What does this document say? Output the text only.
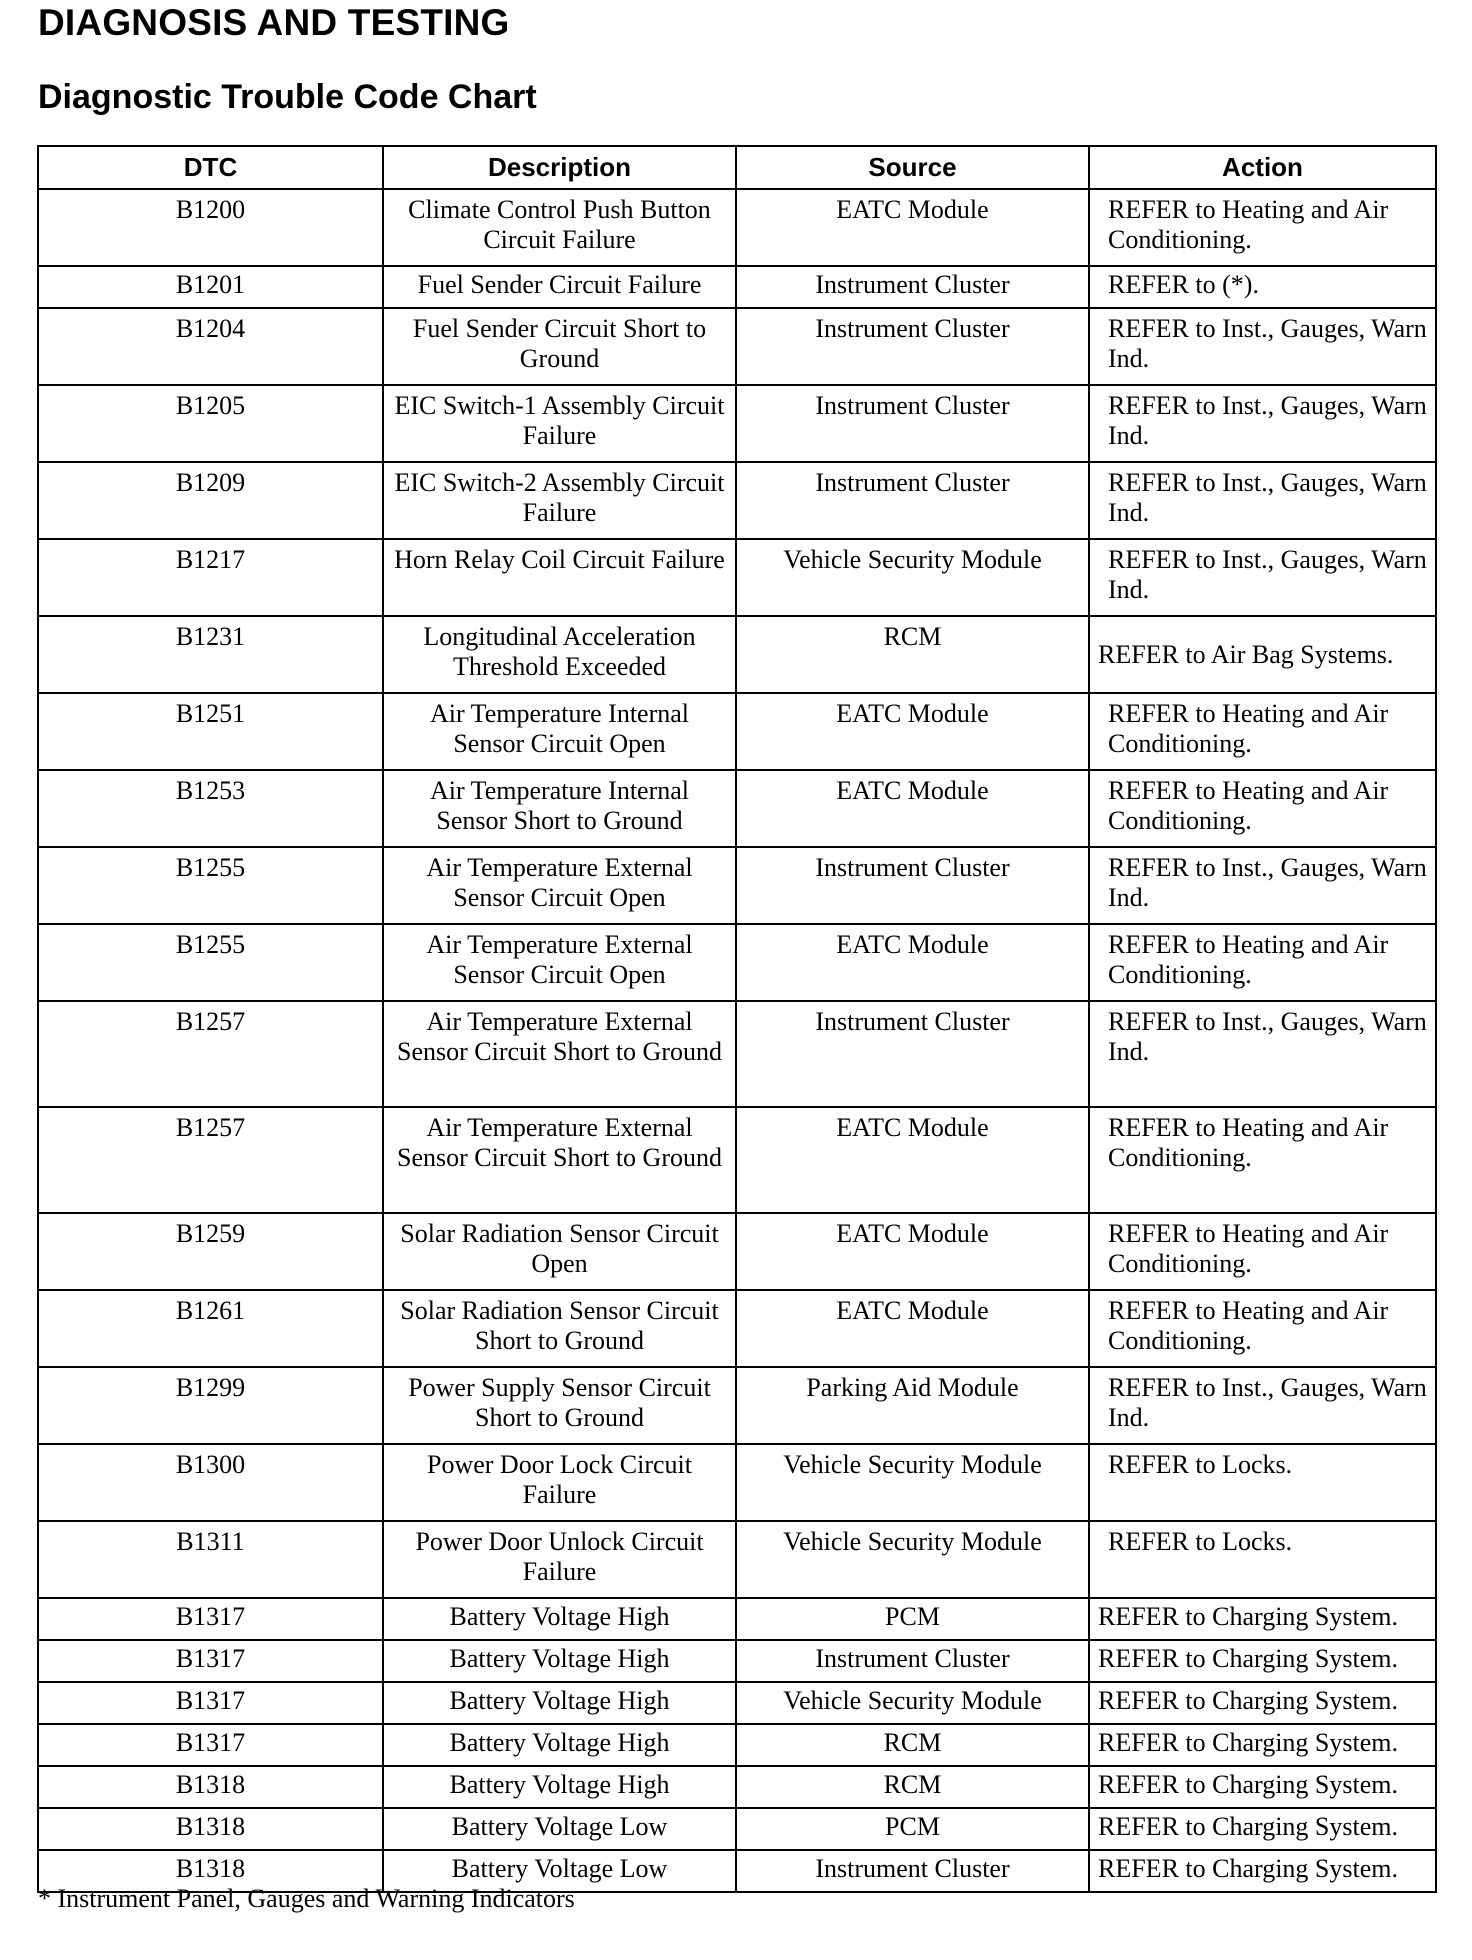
DIAGNOSIS AND TESTING
Diagnostic Trouble Code Chart
DTC	Description	Source	Action
B1200	Climate Control Push Button Circuit Failure	EATC Module	REFER to Heating and Air Conditioning.
B1201	Fuel Sender Circuit Failure	Instrument Cluster	REFER to (*).
B1204	Fuel Sender Circuit Short to Ground	Instrument Cluster	REFER to Inst., Gauges, Warn Ind.
B1205	EIC Switch-1 Assembly Circuit Failure	Instrument Cluster	REFER to Inst., Gauges, Warn Ind.
B1209	EIC Switch-2 Assembly Circuit Failure	Instrument Cluster	REFER to Inst., Gauges, Warn Ind.
B1217	Horn Relay Coil Circuit Failure	Vehicle Security Module	REFER to Inst., Gauges, Warn Ind.
B1231	Longitudinal Acceleration Threshold Exceeded	RCM	REFER to Air Bag Systems.
B1251	Air Temperature Internal Sensor Circuit Open	EATC Module	REFER to Heating and Air Conditioning.
B1253	Air Temperature Internal Sensor Short to Ground	EATC Module	REFER to Heating and Air Conditioning.
B1255	Air Temperature External Sensor Circuit Open	Instrument Cluster	REFER to Inst., Gauges, Warn Ind.
B1255	Air Temperature External Sensor Circuit Open	EATC Module	REFER to Heating and Air Conditioning.
B1257	Air Temperature External Sensor Circuit Short to Ground	Instrument Cluster	REFER to Inst., Gauges, Warn Ind.
B1257	Air Temperature External Sensor Circuit Short to Ground	EATC Module	REFER to Heating and Air Conditioning.
B1259	Solar Radiation Sensor Circuit Open	EATC Module	REFER to Heating and Air Conditioning.
B1261	Solar Radiation Sensor Circuit Short to Ground	EATC Module	REFER to Heating and Air Conditioning.
B1299	Power Supply Sensor Circuit Short to Ground	Parking Aid Module	REFER to Inst., Gauges, Warn Ind.
B1300	Power Door Lock Circuit Failure	Vehicle Security Module	REFER to Locks.
B1311	Power Door Unlock Circuit Failure	Vehicle Security Module	REFER to Locks.
B1317	Battery Voltage High	PCM	REFER to Charging System.
B1317	Battery Voltage High	Instrument Cluster	REFER to Charging System.
B1317	Battery Voltage High	Vehicle Security Module	REFER to Charging System.
B1317	Battery Voltage High	RCM	REFER to Charging System.
B1318	Battery Voltage High	RCM	REFER to Charging System.
B1318	Battery Voltage Low	PCM	REFER to Charging System.
B1318	Battery Voltage Low	Instrument Cluster	REFER to Charging System.

* Instrument Panel, Gauges and Warning Indicators
